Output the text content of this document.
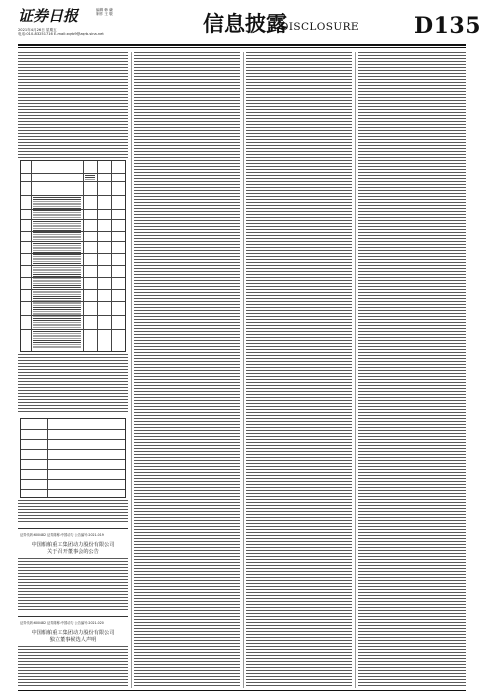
证券日报
2021年4月26日 星期五
电话:010-83251716 E-mail:zqrb9@zqrb.sina.net
编辑 韩 谦
制作 王 敬	信息披露
DISCLOSURE	D135
证券代码:600482 证券简称:中国动力 公告编号:2021-019
中国船舶重工集团动力股份有限公司
关于召开董事会的公告
证券代码:600482 证券简称:中国动力 公告编号:2021-020
中国船舶重工集团动力股份有限公司
独立董事候选人声明
